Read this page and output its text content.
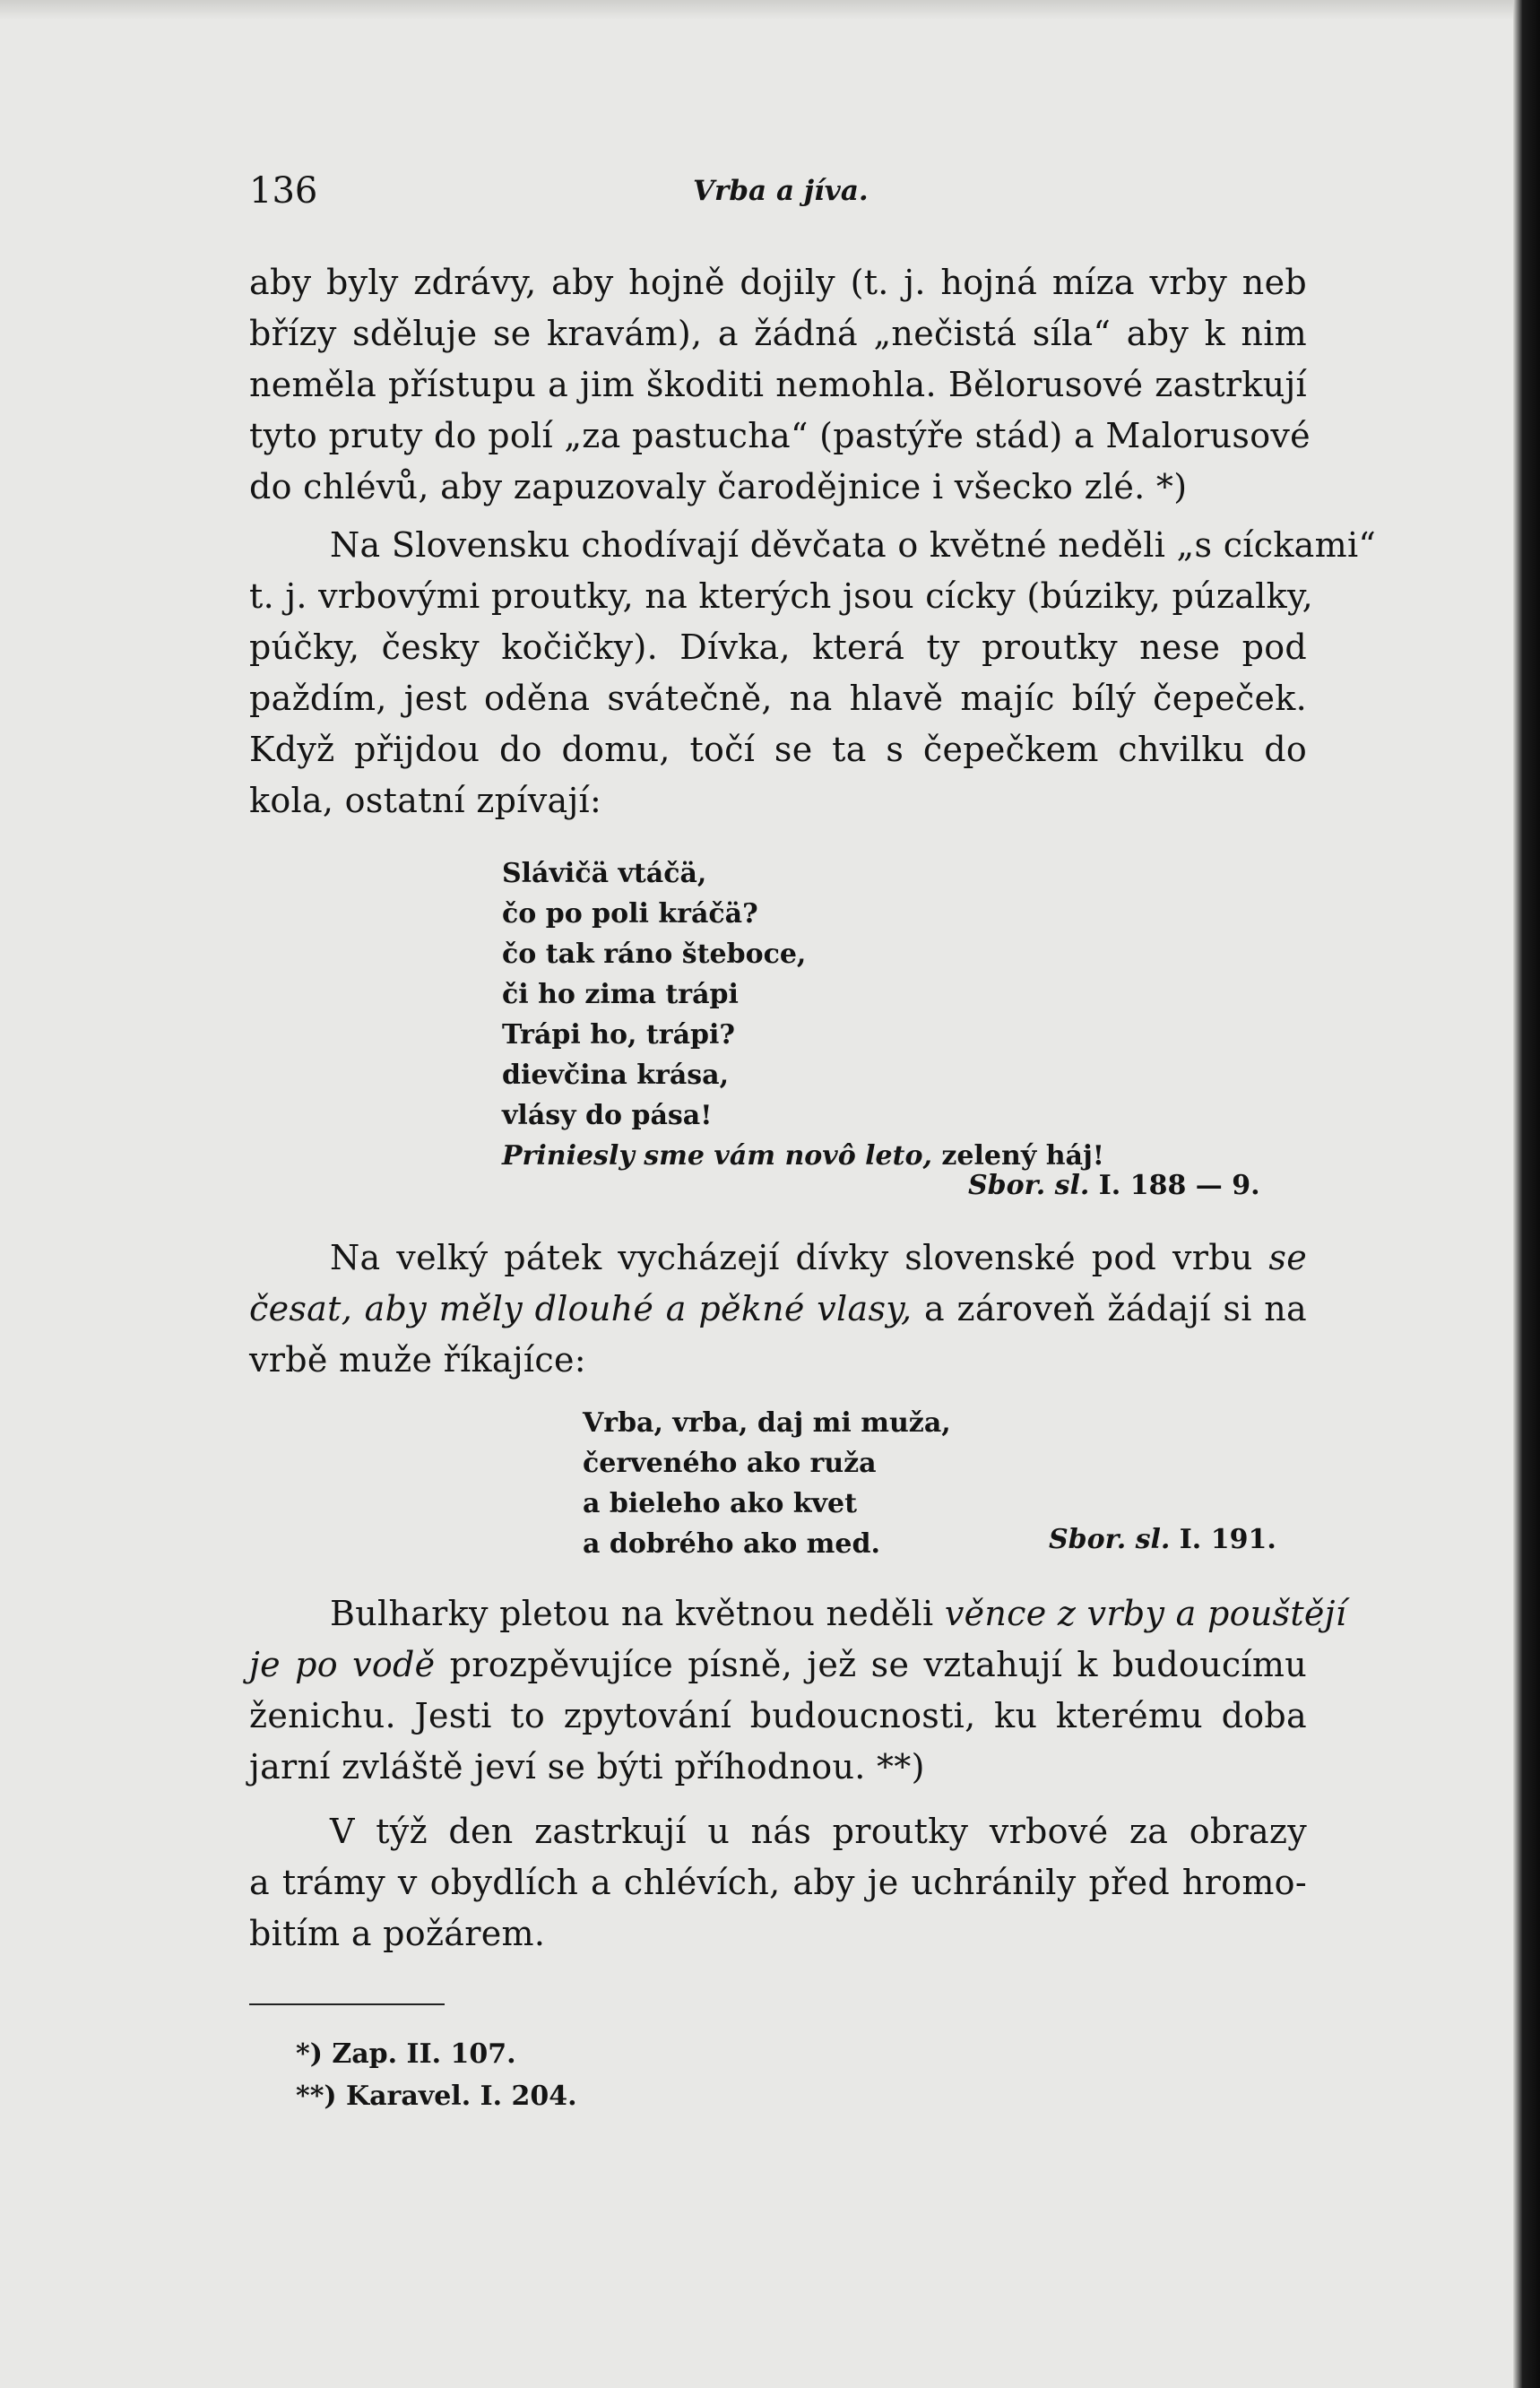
136	Vrba a jíva.
aby byly zdrávy, aby hojně dojily (t. j. hojná míza vrby neb
břízy sděluje se kravám), a žádná „nečistá síla“ aby k nim
neměla přístupu a jim škoditi nemohla. Bělorusové zastrkují
tyto pruty do polí „za pastucha“ (pastýře stád) a Malorusové
do chlévů, aby zapuzovaly čarodějnice i všecko zlé. *)
Na Slovensku chodívají děvčata o květné neděli „s cíckami“
t. j. vrbovými proutky, na kterých jsou cícky (búziky, púzalky,
púčky, česky kočičky). Dívka, která ty proutky nese pod
paždím, jest oděna svátečně, na hlavě majíc bílý čepeček.
Když přijdou do domu, točí se ta s čepečkem chvilku do
kola, ostatní zpívají:
Slávičä vtáčä,
čo po poli kráčä?
čo tak ráno šteboce,
či ho zima trápi
Trápi ho, trápi?
dievčina krása,
vlásy do pása!
Priniesly sme vám novô leto, zelený háj!
Sbor. sl. I. 188 — 9.
Na velký pátek vycházejí dívky slovenské pod vrbu se
česat, aby měly dlouhé a pěkné vlasy, a zároveň žádají si na
vrbě muže říkajíce:
Vrba, vrba, daj mi muža,
červeného ako ruža
a bieleho ako kvet
a dobrého ako med.	Sbor. sl. I. 191.
Bulharky pletou na květnou neděli věnce z vrby a pouštějí
je po vodě prozpěvujíce písně, jež se vztahují k budoucímu
ženichu. Jesti to zpytování budoucnosti, ku kterému doba
jarní zvláště jeví se býti příhodnou. **)
V týž den zastrkují u nás proutky vrbové za obrazy
a trámy v obydlích a chlévích, aby je uchránily před hromo-
bitím a požárem.
*) Zap. II. 107.
**) Karavel. I. 204.
